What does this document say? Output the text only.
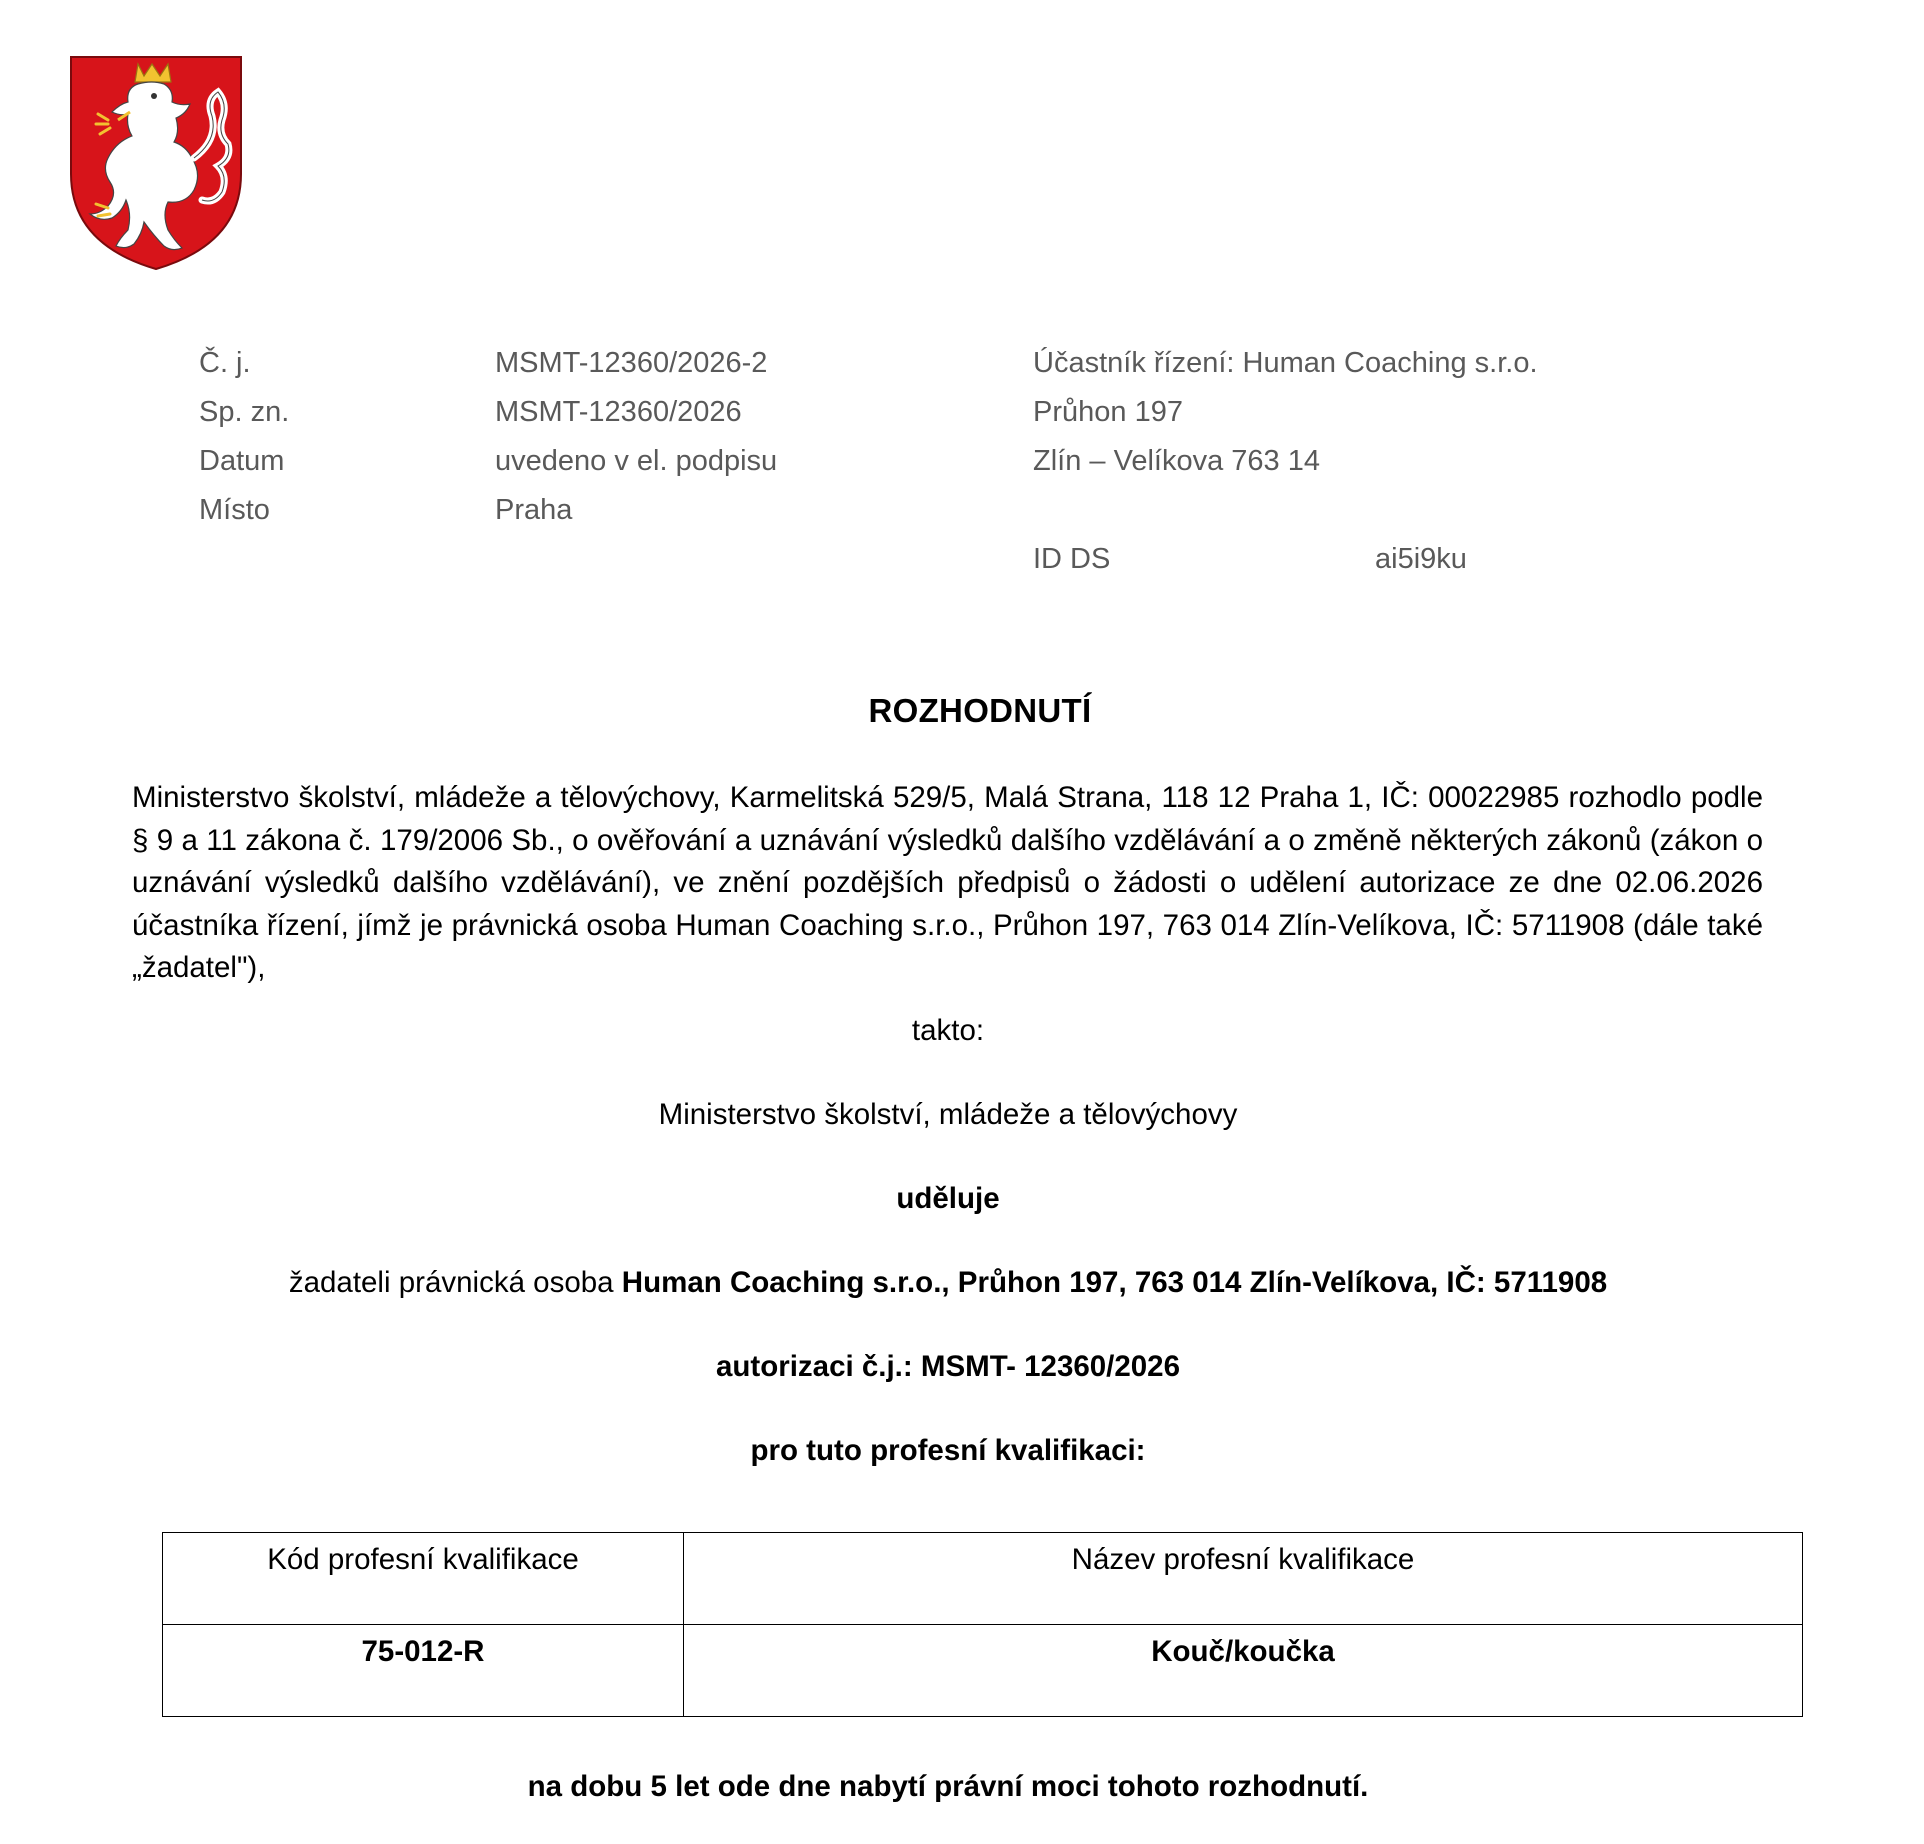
Č. j.	MSMT-12360/2026-2
Sp. zn.	MSMT-12360/2026
Datum	uvedeno v el. podpisu
Místo	Praha
Účastník řízení: Human Coaching s.r.o.
Průhon 197
Zlín – Velíkova 763 14
ID DS	ai5i9ku
ROZHODNUTÍ
Ministerstvo školství, mládeže a tělovýchovy, Karmelitská 529/5, Malá Strana, 118 12 Praha 1, IČ: 00022985 rozhodlo podle § 9 a 11 zákona č. 179/2006 Sb., o ověřování a uznávání výsledků dalšího vzdělávání a o změně některých zákonů (zákon o uznávání výsledků dalšího vzdělávání), ve znění pozdějších předpisů o žádosti o udělení autorizace ze dne 02.06.2026 účastníka řízení, jímž je právnická osoba Human Coaching s.r.o., Průhon 197, 763 014 Zlín-Velíkova, IČ: 5711908 (dále také „žadatel"),
takto:
Ministerstvo školství, mládeže a tělovýchovy
uděluje
žadateli právnická osoba Human Coaching s.r.o., Průhon 197, 763 014 Zlín-Velíkova, IČ: 5711908
autorizaci č.j.: MSMT- 12360/2026
pro tuto profesní kvalifikaci:
Kód profesní kvalifikace	Název profesní kvalifikace
75-012-R	Kouč/koučka
na dobu 5 let ode dne nabytí právní moci tohoto rozhodnutí.
